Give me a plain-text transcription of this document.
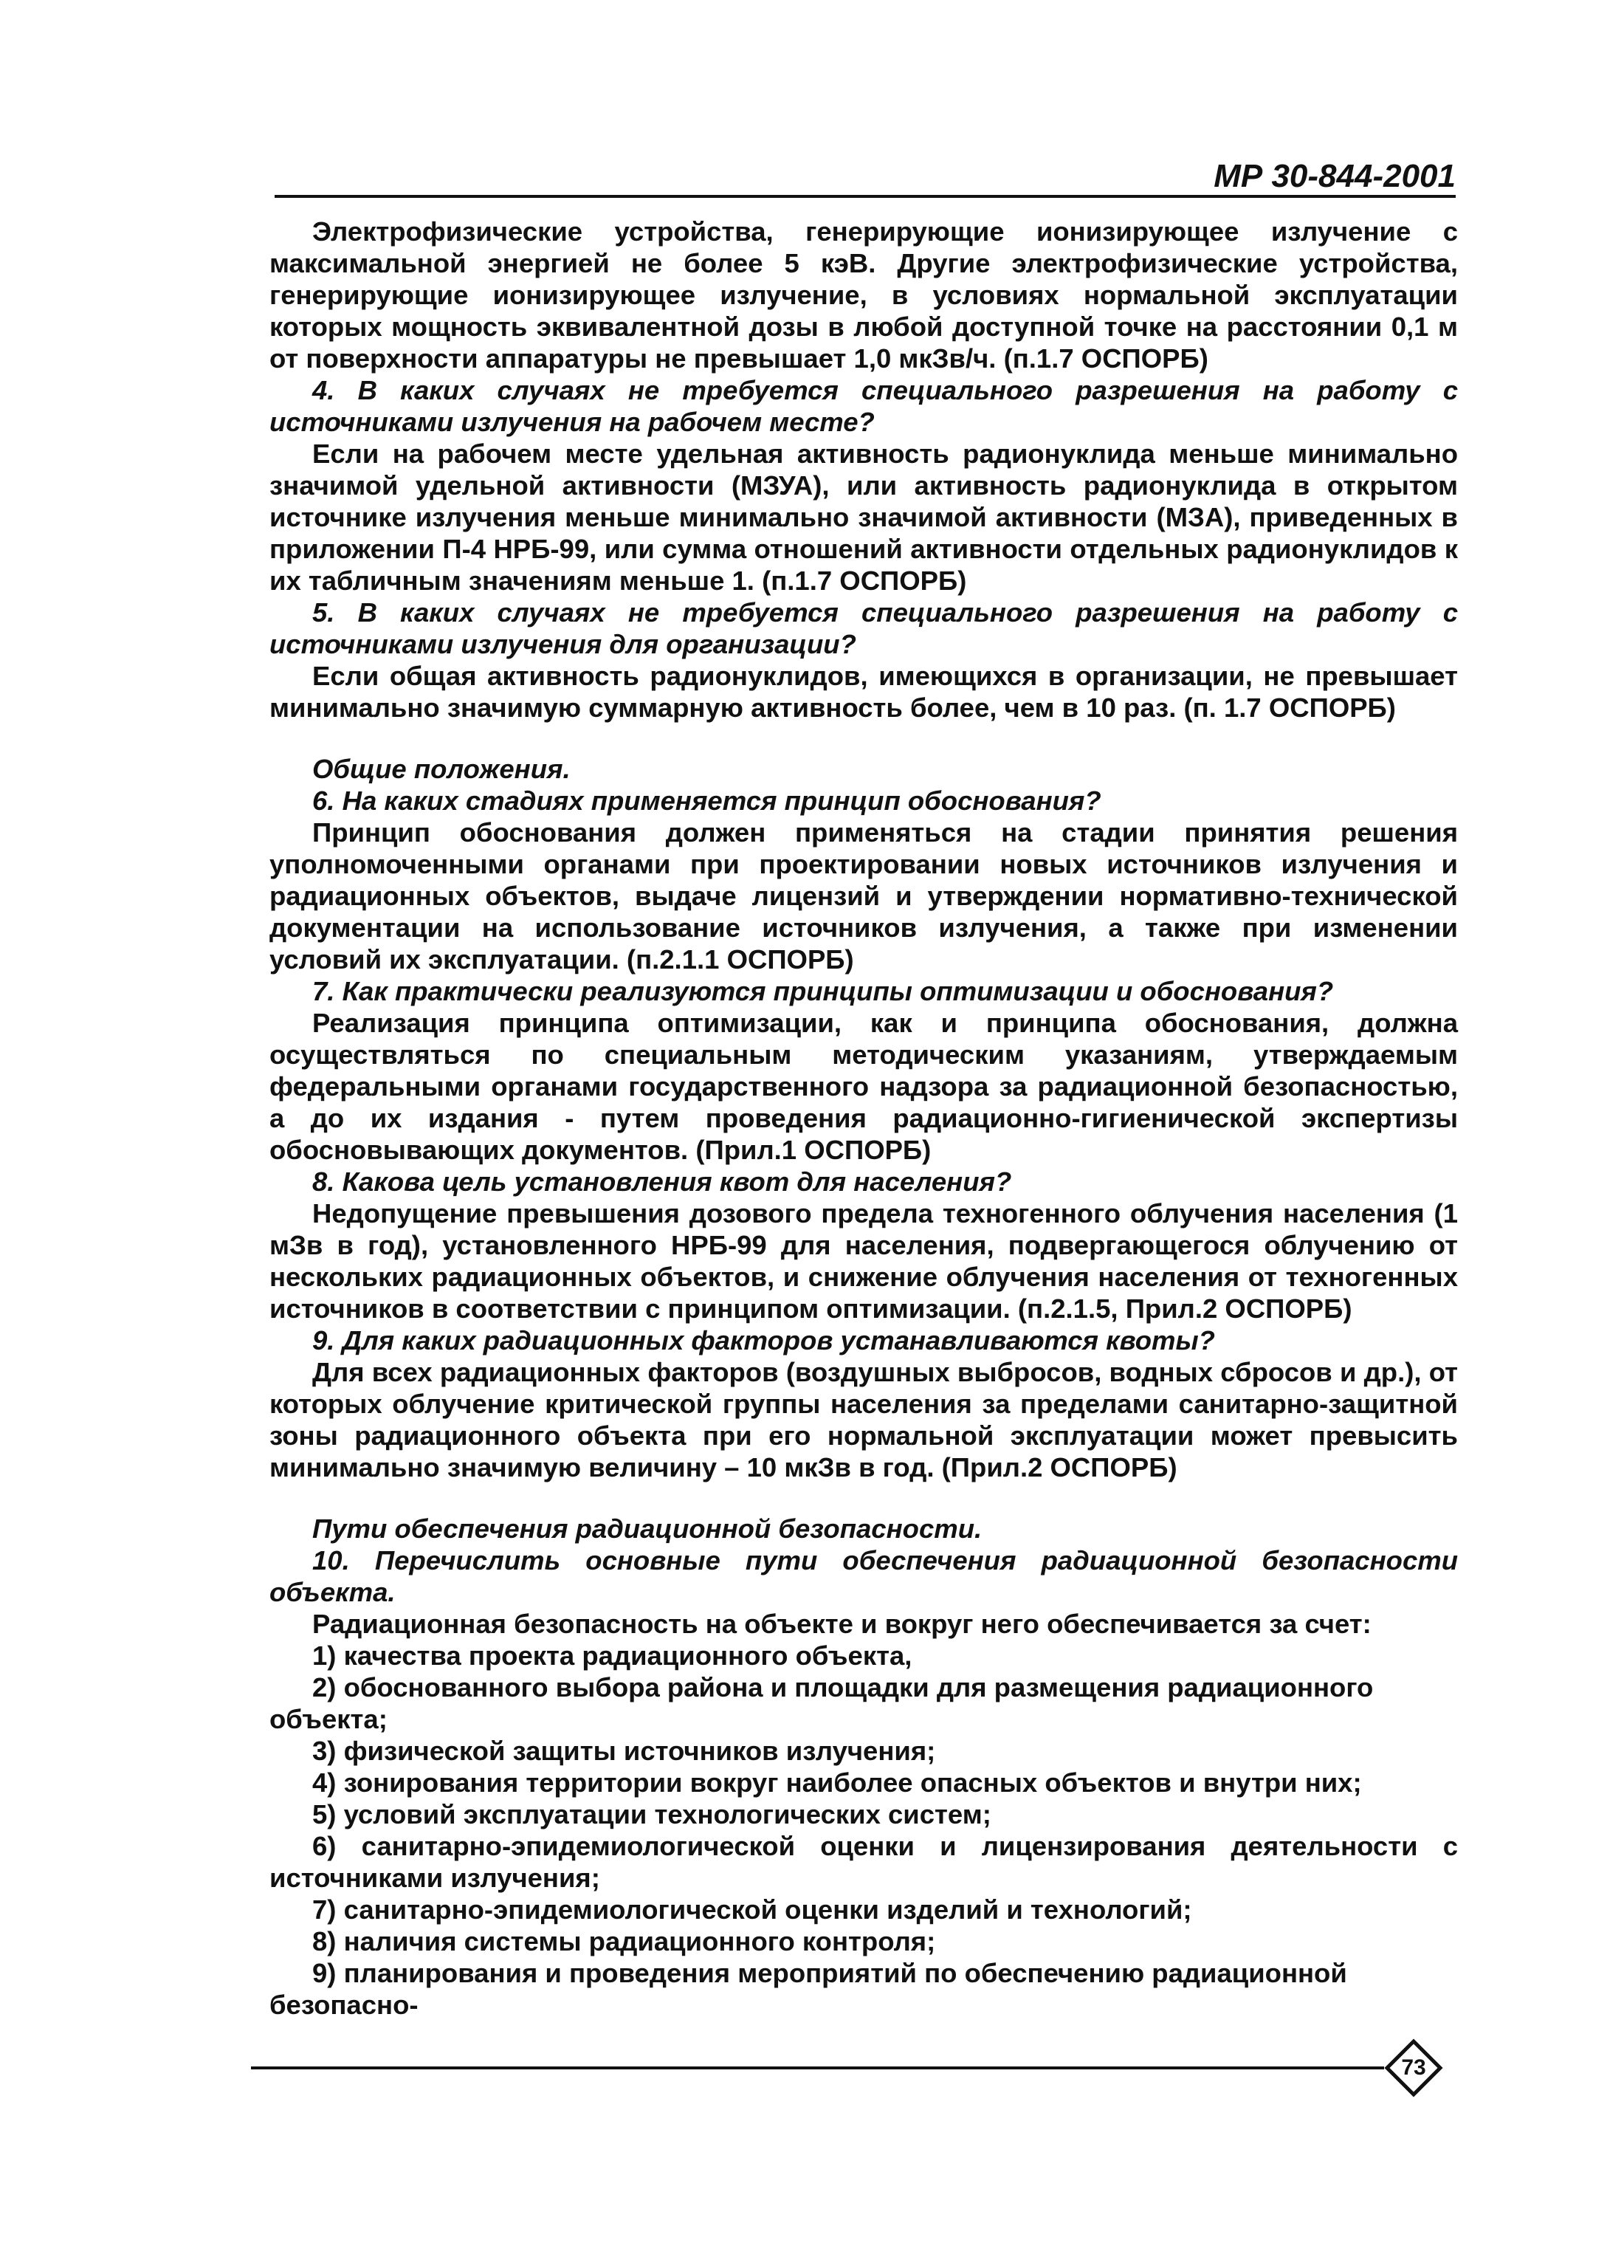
МР 30-844-2001

Электрофизические устройства, генерирующие ионизирующее излучение с максимальной энергией не более 5 кэВ. Другие электрофизические устройства, генерирующие ионизирующее излучение, в условиях нормальной эксплуатации которых мощность эквивалентной дозы в любой доступной точке на расстоянии 0,1 м от поверхности аппаратуры не превышает 1,0 мкЗв/ч. (п.1.7 ОСПОРБ)

4. В каких случаях не требуется специального разрешения на работу с источниками излучения на рабочем месте?

Если на рабочем месте удельная активность радионуклида меньше минимально значимой удельной активности (МЗУА), или активность радионуклида в открытом источнике излучения меньше минимально значимой активности (МЗА), приведенных в приложении П-4 НРБ-99, или сумма отношений активности отдельных радионуклидов к их табличным значениям меньше 1. (п.1.7 ОСПОРБ)

5. В каких случаях не требуется специального разрешения на работу с источниками излучения для организации?

Если общая активность радионуклидов, имеющихся в организации, не превышает минимально значимую суммарную активность более, чем в 10 раз. (п. 1.7 ОСПОРБ)

Общие положения.

6. На каких стадиях применяется принцип обоснования?

Принцип обоснования должен применяться на стадии принятия решения уполномоченными органами при проектировании новых источников излучения и радиационных объектов, выдаче лицензий и утверждении нормативно-технической документации на использование источников излучения, а также при изменении условий их эксплуатации. (п.2.1.1 ОСПОРБ)

7. Как практически реализуются принципы оптимизации и обоснования?

Реализация принципа оптимизации, как и принципа обоснования, должна осуществляться по специальным методическим указаниям, утверждаемым федеральными органами государственного надзора за радиационной безопасностью, а до их издания - путем проведения радиационно-гигиенической экспертизы обосновывающих документов. (Прил.1 ОСПОРБ)

8. Какова цель установления квот для населения?

Недопущение превышения дозового предела техногенного облучения населения (1 мЗв в год), установленного НРБ-99 для населения, подвергающегося облучению от нескольких радиационных объектов, и снижение облучения населения от техногенных источников в соответствии с принципом оптимизации. (п.2.1.5, Прил.2 ОСПОРБ)

9. Для каких радиационных факторов устанавливаются квоты?

Для всех радиационных факторов (воздушных выбросов, водных сбросов и др.), от которых облучение критической группы населения за пределами санитарно-защитной зоны радиационного объекта при его нормальной эксплуатации может превысить минимально значимую величину – 10 мкЗв в год. (Прил.2 ОСПОРБ)

Пути обеспечения радиационной безопасности.

10. Перечислить основные пути обеспечения радиационной безопасности объекта.

Радиационная безопасность на объекте и вокруг него обеспечивается за счет:

1) качества проекта радиационного объекта,

2) обоснованного выбора района и площадки для размещения радиационного объекта;

3) физической защиты источников излучения;

4) зонирования территории вокруг наиболее опасных объектов и внутри них;

5) условий эксплуатации технологических систем;

6) санитарно-эпидемиологической оценки и лицензирования деятельности с источниками излучения;

7) санитарно-эпидемиологической оценки изделий и технологий;

8) наличия системы радиационного контроля;

9) планирования и проведения мероприятий по обеспечению радиационной безопасно-

73
